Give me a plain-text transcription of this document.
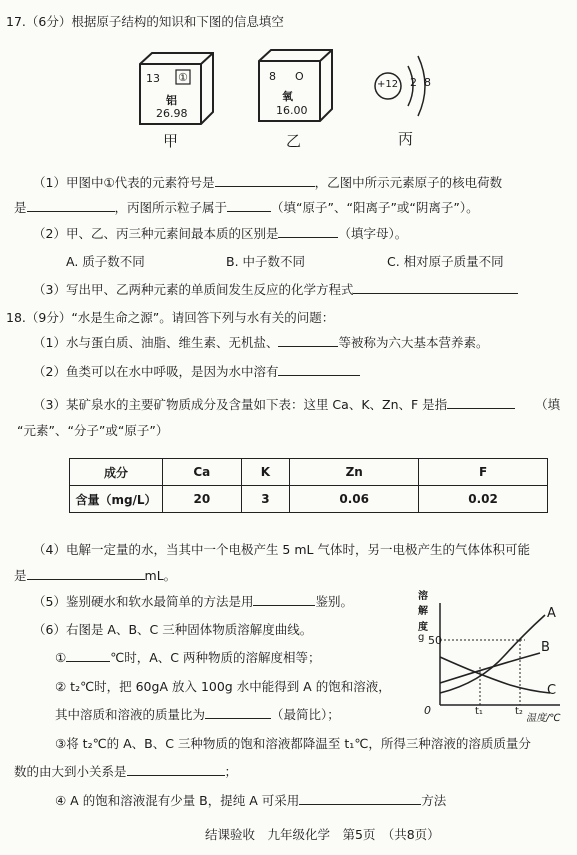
17.（6分）根据原子结构的知识和下图的信息填空
13 ①
铝
26.98
甲
8 O
氧
16.00
乙
+12 2 8
丙
（1）甲图中①代表的元素符号是	，乙图中所示元素原子的核电荷数
是	，丙图所示粒子属于	（填“原子”、“阳离子”或“阴离子”）。
（2）甲、乙、丙三种元素间最本质的区别是	（填字母）。
A. 质子数不同	B. 中子数不同	C. 相对原子质量不同
（3）写出甲、乙两种元素的单质间发生反应的化学方程式
18.（9分）“水是生命之源”。请回答下列与水有关的问题：
（1）水与蛋白质、油脂、维生素、无机盐、	等被称为六大基本营养素。
（2）鱼类可以在水中呼吸，是因为水中溶有
（3）某矿泉水的主要矿物质成分及含量如下表：这里 Ca、K、Zn、F 是指	（填
“元素”、“分子”或“原子”）
成分	Ca	K	Zn	F
含量（mg/L）	20	3	0.06	0.02
（4）电解一定量的水，当其中一个电极产生 5 mL 气体时，另一电极产生的气体体积可能
是	mL。
（5）鉴别硬水和软水最简单的方法是用	鉴别。
（6）右图是 A、B、C 三种固体物质溶解度曲线。
①	℃时，A、C 两种物质的溶解度相等；
② t₂℃时，把 60gA 放入 100g 水中能得到 A 的饱和溶液，
其中溶质和溶液的质量比为	（最简比）；
③将 t₂℃的 A、B、C 三种物质的饱和溶液都降温至 t₁℃，所得三种溶液的溶质质量分
数的由大到小关系是	；
④ A 的饱和溶液混有少量 B，提纯 A 可采用	方法
溶
解
度
g 50
0	t₁	t₂
温度/℃
A
B
C
结课验收　九年级化学　第5页　（共8页）
